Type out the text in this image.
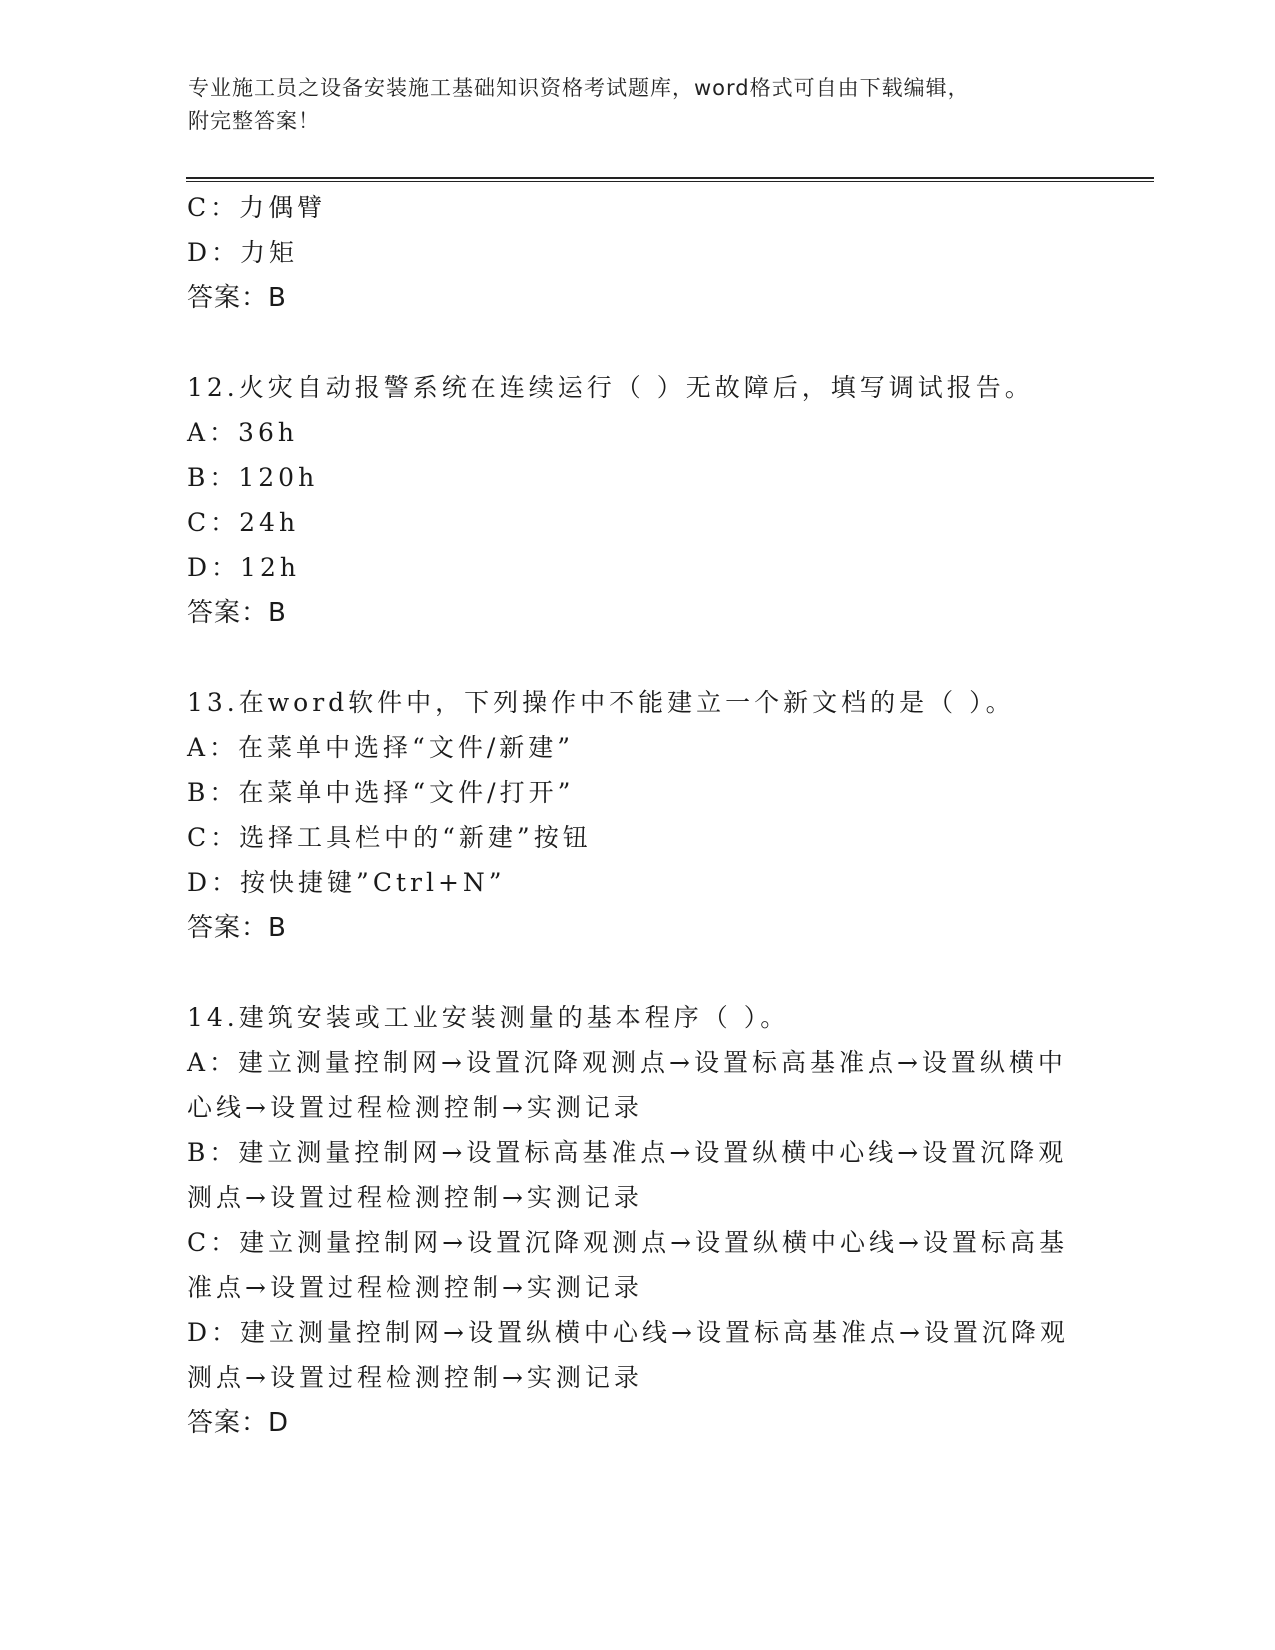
专业施工员之设备安装施工基础知识资格考试题库，word格式可自由下载编辑，
附完整答案！
C：力偶臂
D：力矩
答案：B
12.火灾自动报警系统在连续运行（ ）无故障后，填写调试报告。
A：36h
B：120h
C：24h
D：12h
答案：B
13.在word软件中，下列操作中不能建立一个新文档的是（ ）。
A：在菜单中选择“文件/新建”
B：在菜单中选择“文件/打开”
C：选择工具栏中的“新建”按钮
D：按快捷键”Ctrl+N”
答案：B
14.建筑安装或工业安装测量的基本程序（ ）。
A：建立测量控制网→设置沉降观测点→设置标高基准点→设置纵横中
心线→设置过程检测控制→实测记录
B：建立测量控制网→设置标高基准点→设置纵横中心线→设置沉降观
测点→设置过程检测控制→实测记录
C：建立测量控制网→设置沉降观测点→设置纵横中心线→设置标高基
准点→设置过程检测控制→实测记录
D：建立测量控制网→设置纵横中心线→设置标高基准点→设置沉降观
测点→设置过程检测控制→实测记录
答案：D
